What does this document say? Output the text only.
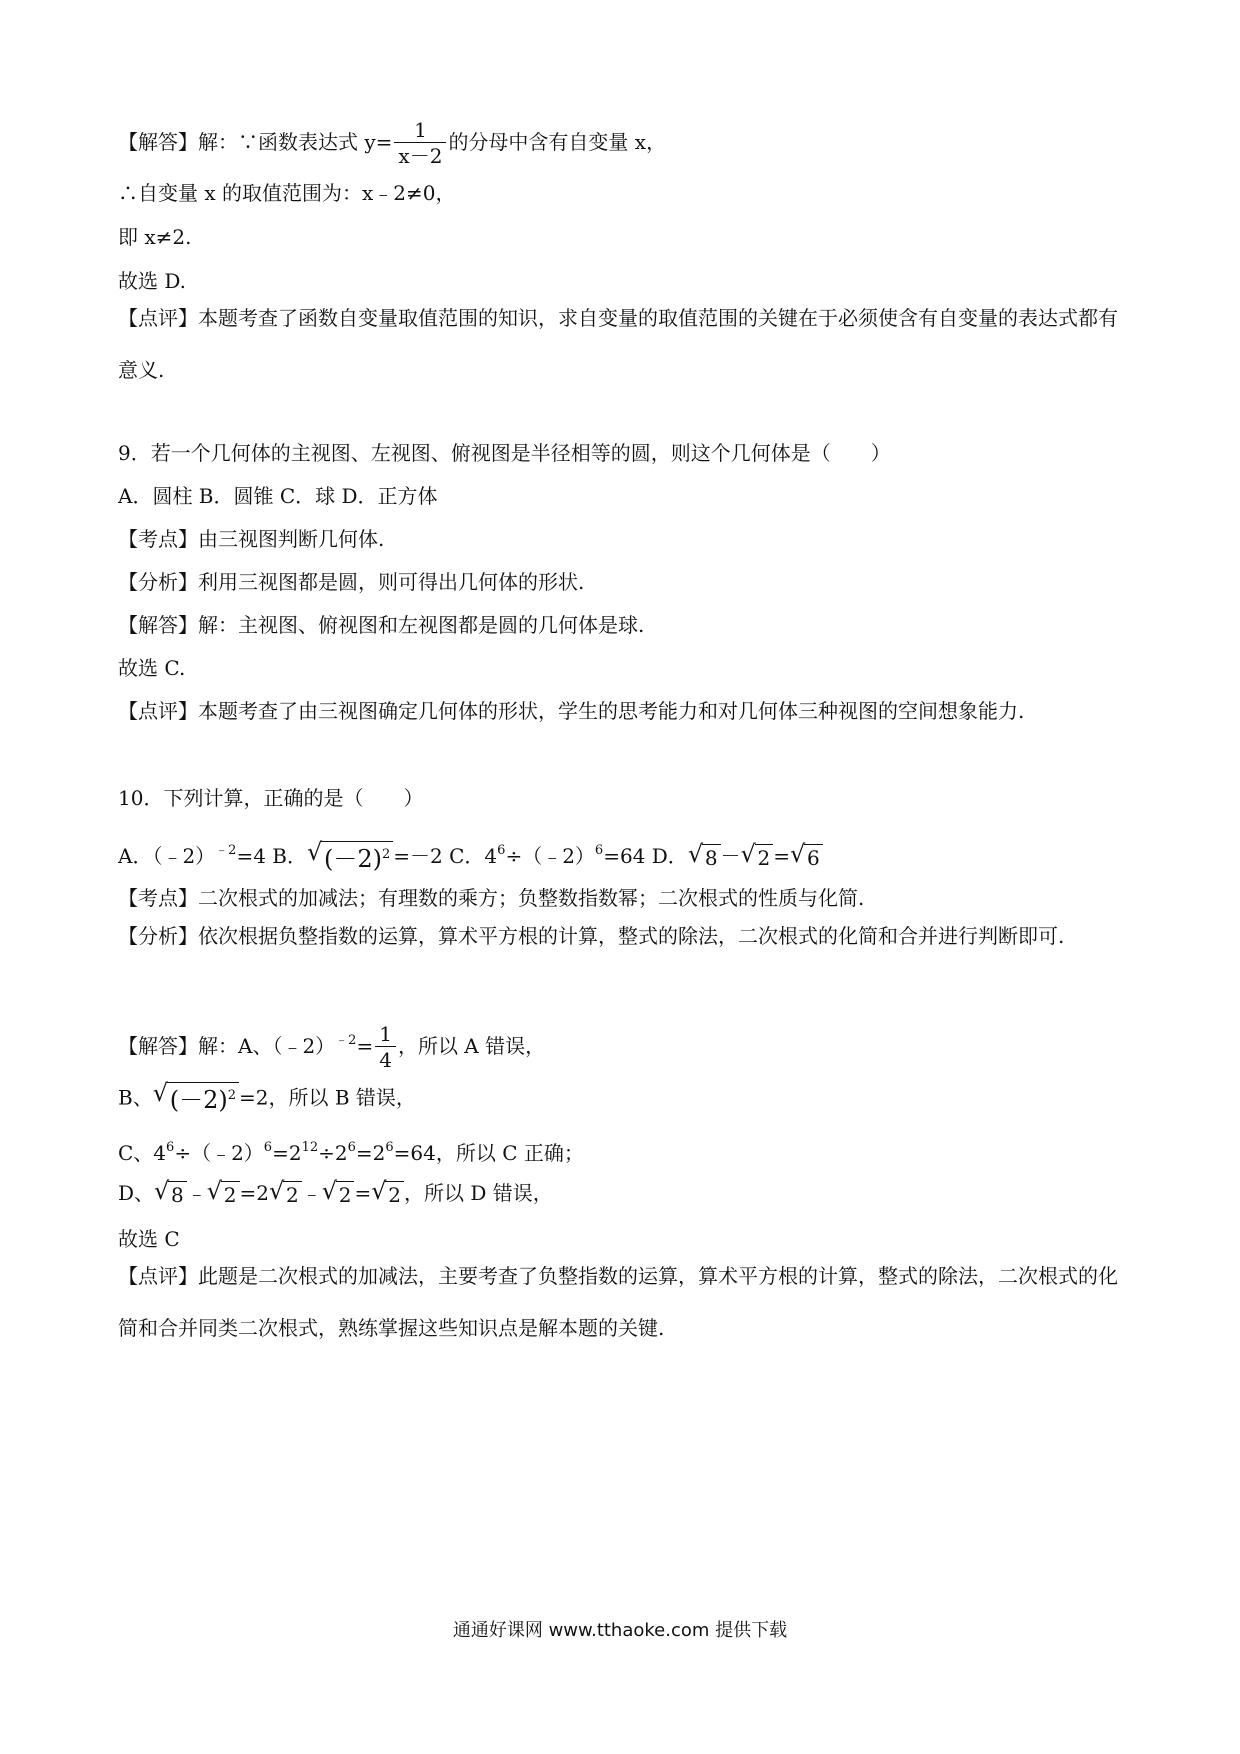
【解答】解：∵函数表达式 $y= \frac{1}{x-2}$ 的分母中含有自变量 x，
∴自变量 x 的取值范围为：x﹣2≠0，
即 x≠2.
故选 D.
【点评】本题考查了函数自变量取值范围的知识，求自变量的取值范围的关键在于必须使含有自变量的表达式都有意义.
9．若一个几何体的主视图、左视图、俯视图是半径相等的圆，则这个几何体是（　　）
A．圆柱 B．圆锥 C．球 D．正方体
【考点】由三视图判断几何体.
【分析】利用三视图都是圆，则可得出几何体的形状.
【解答】解：主视图、俯视图和左视图都是圆的几何体是球.
故选 C.
【点评】本题考查了由三视图确定几何体的形状，学生的思考能力和对几何体三种视图的空间想象能力.
10．下列计算，正确的是（　　）
A．（﹣2）$^{﹣2}$=4 B． √ $(-2)^2 =-2$ C．$4^6\div(﹣2)^6=64$ D． √ 8 － √ 2 = √ 6
【考点】二次根式的加减法；有理数的乘方；负整数指数幂；二次根式的性质与化简.
【分析】依次根据负整指数的运算，算术平方根的计算，整式的除法，二次根式的化简和合并进行判断即可.
【解答】解：A、（﹣2）$^{﹣2}$= $\frac{1}{4}$ ，所以 A 错误，
B、 √ $(-2)^2 =2$，所以 B 错误，
C、$4^6\div(﹣2)^6=2^{12}\div 2^6=2^6=64$，所以 C 正确；
D、 √ 8 ﹣ √ 2 =2 √ 2 ﹣ √ 2 = √ 2 ，所以 D 错误，
故选 C
【点评】此题是二次根式的加减法，主要考查了负整指数的运算，算术平方根的计算，整式的除法，二次根式的化简和合并同类二次根式，熟练掌握这些知识点是解本题的关键.
通通好课网 www.tthaoke.com 提供下载
